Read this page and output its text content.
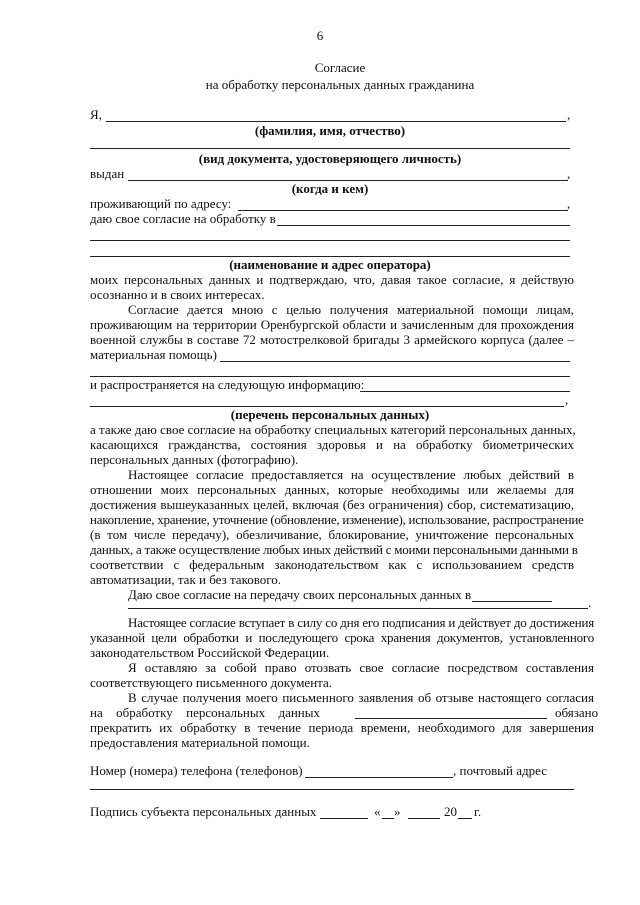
6
Согласие
на обработку персональных данных гражданина
Я,	,
(фамилия, имя, отчество)
(вид документа, удостоверяющего личность)
выдан	,
(когда и кем)
проживающий по адресу:	,
даю свое согласие на обработку в
(наименование и адрес оператора)
моих персональных данных и подтверждаю, что, давая такое согласие, я действую
осознанно и в своих интересах.
Согласие дается мною с целью получения материальной помощи лицам,
проживающим на территории Оренбургской области и зачисленным для прохождения
военной службы в составе 72 мотострелковой бригады 3 армейского корпуса (далее –
материальная помощь)
и распространяется на следующую информацию:
,
(перечень персональных данных)
а также даю свое согласие на обработку специальных категорий персональных данных,
касающихся гражданства, состояния здоровья и на обработку биометрических
персональных данных (фотографию).
Настоящее согласие предоставляется на осуществление любых действий в
отношении моих персональных данных, которые необходимы или желаемы для
достижения вышеуказанных целей, включая (без ограничения) сбор, систематизацию,
накопление, хранение, уточнение (обновление, изменение), использование, распространение
(в том числе передачу), обезличивание, блокирование, уничтожение персональных
данных, а также осуществление любых иных действий с моими персональными данными в
соответствии с федеральным законодательством как с использованием средств
автоматизации, так и без такового.
Даю свое согласие на передачу своих персональных данных в
.
Настоящее согласие вступает в силу со дня его подписания и действует до достижения
указанной цели обработки и последующего срока хранения документов, установленного
законодательством Российской Федерации.
Я оставляю за собой право отозвать свое согласие посредством составления
соответствующего письменного документа.
В случае получения моего письменного заявления об отзыве настоящего согласия
на обработку персональных данных	обязано
прекратить их обработку в течение периода времени, необходимого для завершения
предоставления материальной помощи.
Номер (номера) телефона (телефонов)	, почтовый адрес
Подпись субъекта персональных данных	« »	20 г.
